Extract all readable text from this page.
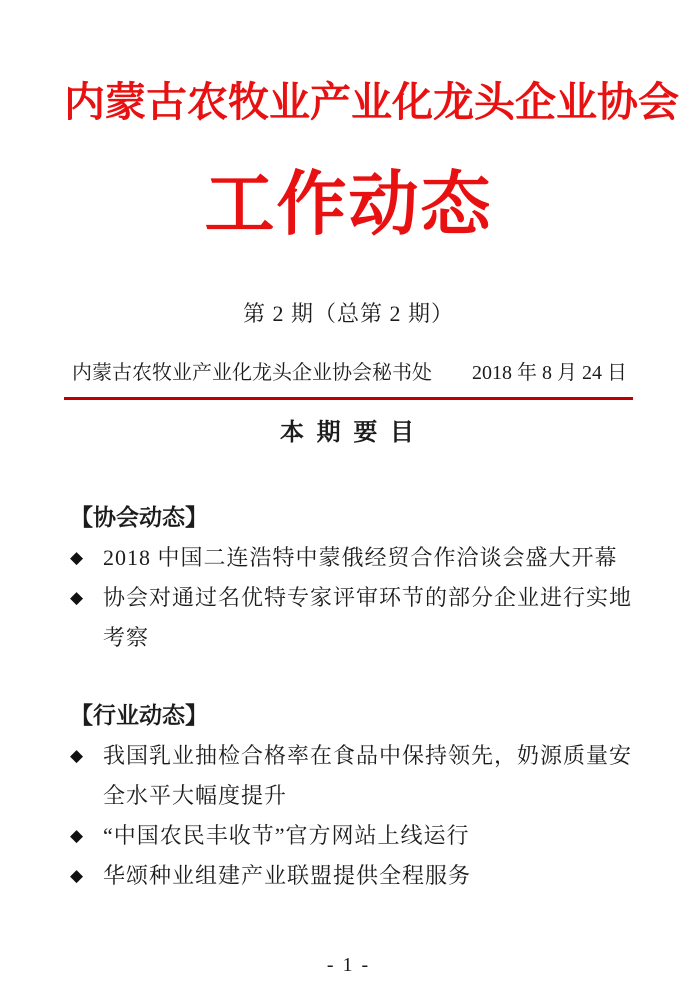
内蒙古农牧业产业化龙头企业协会
工作动态
第 2 期（总第 2 期）
内蒙古农牧业产业化龙头企业协会秘书处 2018 年 8 月 24 日
本 期 要 目
【协会动态】
◆ 2018 中国二连浩特中蒙俄经贸合作洽谈会盛大开幕
◆ 协会对通过名优特专家评审环节的部分企业进行实地考察
【行业动态】
◆ 我国乳业抽检合格率在食品中保持领先，奶源质量安全水平大幅度提升
◆ “中国农民丰收节”官方网站上线运行
◆ 华颂种业组建产业联盟提供全程服务
- 1 -
